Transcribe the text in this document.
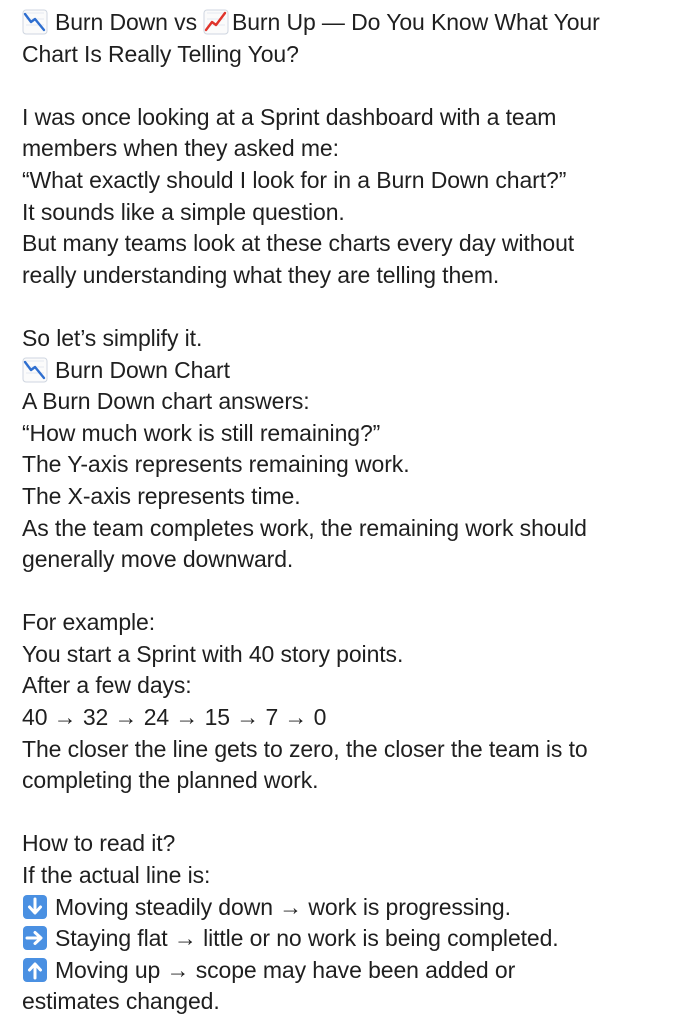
Burn Down vs Burn Up — Do You Know What Your
Chart Is Really Telling You?
I was once looking at a Sprint dashboard with a team
members when they asked me:
“What exactly should I look for in a Burn Down chart?”
It sounds like a simple question.
But many teams look at these charts every day without
really understanding what they are telling them.
So let’s simplify it.
Burn Down Chart
A Burn Down chart answers:
“How much work is still remaining?”
The Y-axis represents remaining work.
The X-axis represents time.
As the team completes work, the remaining work should
generally move downward.
For example:
You start a Sprint with 40 story points.
After a few days:
40 → 32 → 24 → 15 → 7 → 0
The closer the line gets to zero, the closer the team is to
completing the planned work.
How to read it?
If the actual line is:
Moving steadily down → work is progressing.
Staying flat → little or no work is being completed.
Moving up → scope may have been added or
estimates changed.
